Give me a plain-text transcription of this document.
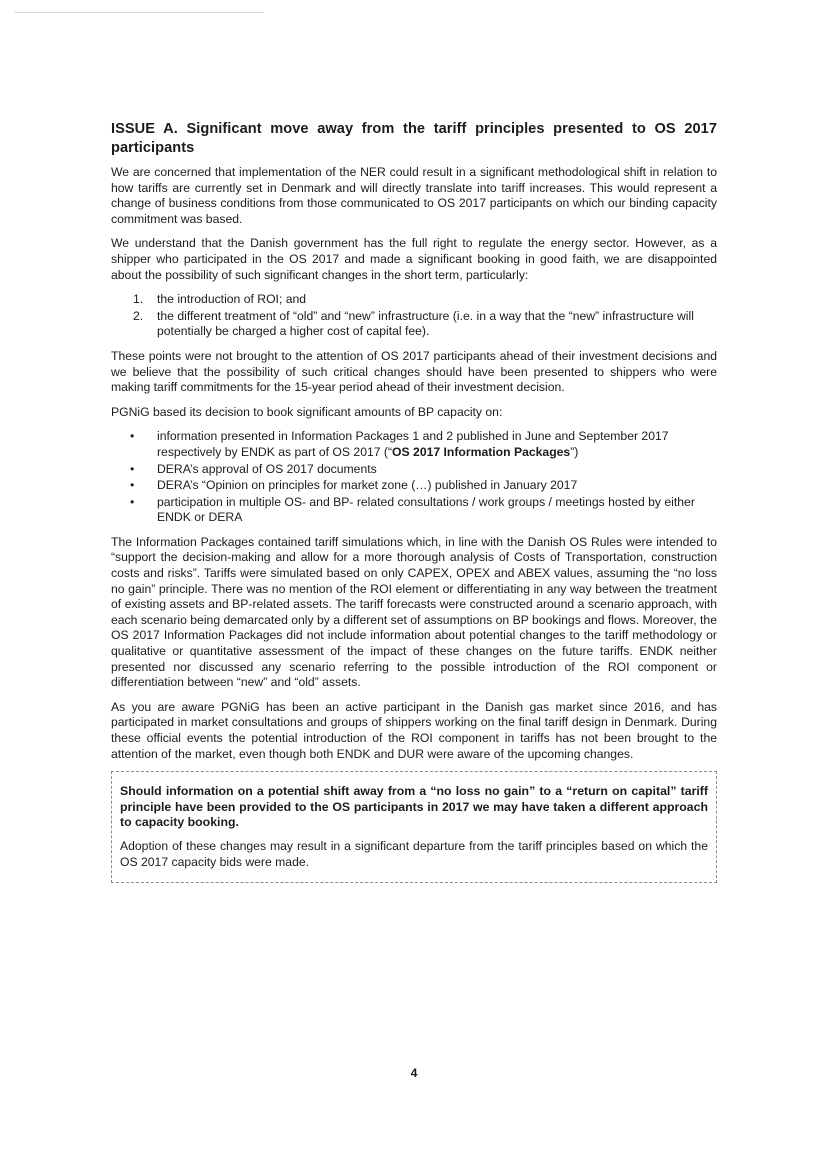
ISSUE A. Significant move away from the tariff principles presented to OS 2017 participants

We are concerned that implementation of the NER could result in a significant methodological shift in relation to how tariffs are currently set in Denmark and will directly translate into tariff increases. This would represent a change of business conditions from those communicated to OS 2017 participants on which our binding capacity commitment was based.

We understand that the Danish government has the full right to regulate the energy sector. However, as a shipper who participated in the OS 2017 and made a significant booking in good faith, we are disappointed about the possibility of such significant changes in the short term, particularly:

1. the introduction of ROI; and
2. the different treatment of “old” and “new” infrastructure (i.e. in a way that the “new” infrastructure will potentially be charged a higher cost of capital fee).

These points were not brought to the attention of OS 2017 participants ahead of their investment decisions and we believe that the possibility of such critical changes should have been presented to shippers who were making tariff commitments for the 15-year period ahead of their investment decision.

PGNiG based its decision to book significant amounts of BP capacity on:

• information presented in Information Packages 1 and 2 published in June and September 2017 respectively by ENDK as part of OS 2017 (“OS 2017 Information Packages”)
• DERA’s approval of OS 2017 documents
• DERA’s “Opinion on principles for market zone (…) published in January 2017
• participation in multiple OS- and BP- related consultations / work groups / meetings hosted by either ENDK or DERA

The Information Packages contained tariff simulations which, in line with the Danish OS Rules were intended to “support the decision-making and allow for a more thorough analysis of Costs of Transportation, construction costs and risks”. Tariffs were simulated based on only CAPEX, OPEX and ABEX values, assuming the “no loss no gain” principle. There was no mention of the ROI element or differentiating in any way between the treatment of existing assets and BP-related assets. The tariff forecasts were constructed around a scenario approach, with each scenario being demarcated only by a different set of assumptions on BP bookings and flows. Moreover, the OS 2017 Information Packages did not include information about potential changes to the tariff methodology or qualitative or quantitative assessment of the impact of these changes on the future tariffs. ENDK neither presented nor discussed any scenario referring to the possible introduction of the ROI component or differentiation between “new” and “old” assets.

As you are aware PGNiG has been an active participant in the Danish gas market since 2016, and has participated in market consultations and groups of shippers working on the final tariff design in Denmark. During these official events the potential introduction of the ROI component in tariffs has not been brought to the attention of the market, even though both ENDK and DUR were aware of the upcoming changes.

Should information on a potential shift away from a “no loss no gain” to a “return on capital” tariff principle have been provided to the OS participants in 2017 we may have taken a different approach to capacity booking.

Adoption of these changes may result in a significant departure from the tariff principles based on which the OS 2017 capacity bids were made.

4
